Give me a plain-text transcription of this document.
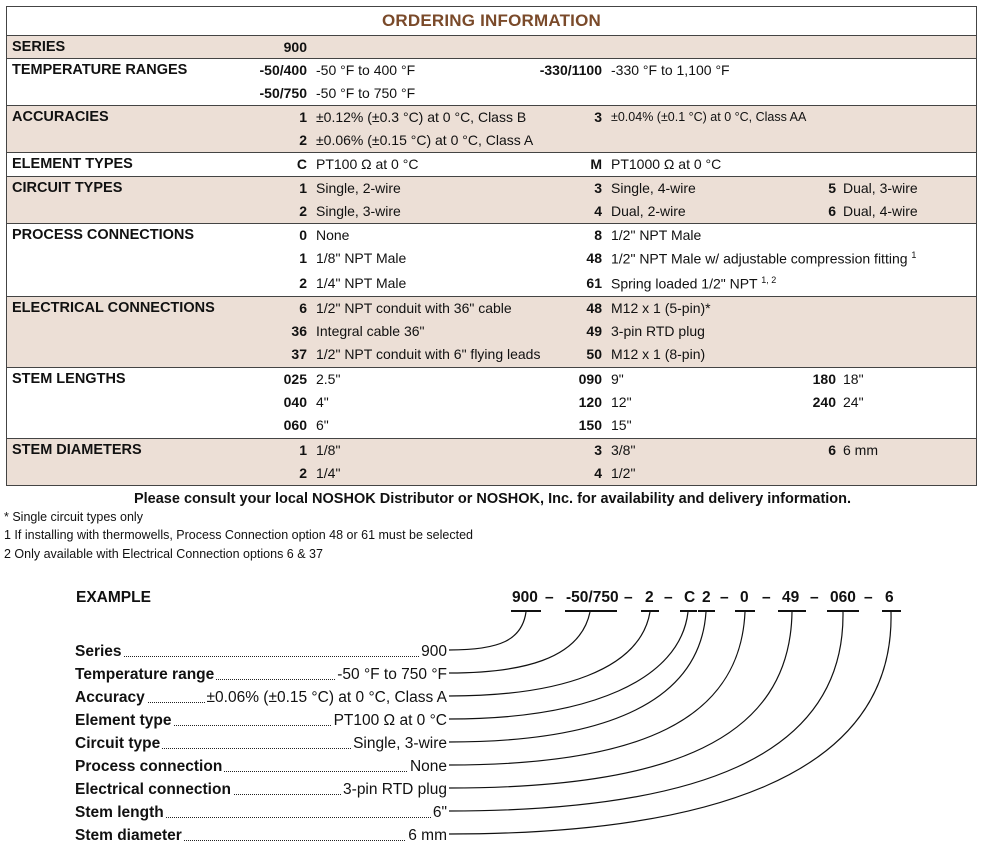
ORDERING INFORMATION
SERIES	900
TEMPERATURE RANGES	-50/400 -50 °F to 400 °F	-330/1100 -330 °F to 1,100 °F
-50/750 -50 °F to 750 °F
ACCURACIES	1 ±0.12% (±0.3 °C) at 0 °C, Class B	3 ±0.04% (±0.1 °C) at 0 °C, Class AA
2 ±0.06% (±0.15 °C) at 0 °C, Class A
ELEMENT TYPES	C PT100 Ω at 0 °C	M PT1000 Ω at 0 °C
CIRCUIT TYPES	1 Single, 2-wire	3 Single, 4-wire	5 Dual, 3-wire
2 Single, 3-wire	4 Dual, 2-wire	6 Dual, 4-wire
PROCESS CONNECTIONS	0 None	8 1/2" NPT Male
1 1/8" NPT Male	48 1/2" NPT Male w/ adjustable compression fitting $^1$
2 1/4" NPT Male	61 Spring loaded 1/2" NPT $^{1, 2}$
ELECTRICAL CONNECTIONS	6 1/2" NPT conduit with 36" cable	48 M12 x 1 (5-pin)*
36 Integral cable 36"	49 3-pin RTD plug
37 1/2" NPT conduit with 6" flying leads	50 M12 x 1 (8-pin)
STEM LENGTHS	025 2.5"	090 9"	180 18"
040 4"	120 12"	240 24"
060 6"	150 15"
STEM DIAMETERS	1 1/8"	3 3/8"	6 6 mm
2 1/4"	4 1/2"
Please consult your local NOSHOK Distributor or NOSHOK, Inc. for availability and delivery information.
* Single circuit types only
1 If installing with thermowells, Process Connection option 48 or 61 must be selected
2 Only available with Electrical Connection options 6 & 37
EXAMPLE	900 – -50/750 – 2 – C 2 – 0 – 49 – 060 – 6
Series	900
Temperature range	-50 °F to 750 °F
Accuracy	±0.06% (±0.15 °C) at 0 °C, Class A
Element type	PT100 Ω at 0 °C
Circuit type	Single, 3-wire
Process connection	None
Electrical connection	3-pin RTD plug
Stem length	6"
Stem diameter	6 mm
